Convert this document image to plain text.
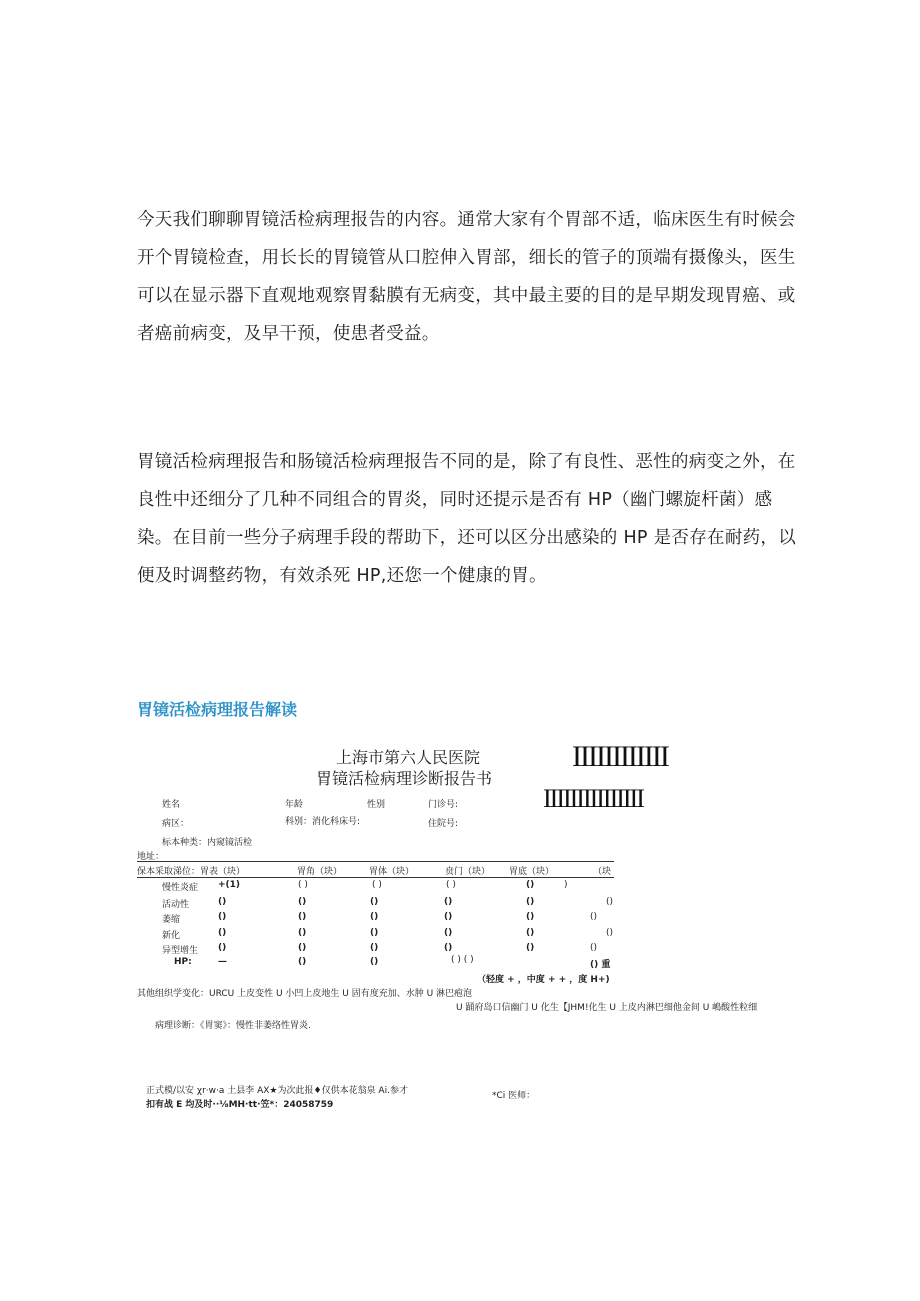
今天我们聊聊胃镜活检病理报告的内容。通常大家有个胃部不适，临床医生有时候会开个胃镜检查，用长长的胃镜管从口腔伸入胃部，细长的管子的顶端有摄像头，医生可以在显示器下直观地观察胃黏膜有无病变，其中最主要的目的是早期发现胃癌、或者癌前病变，及早干预，使患者受益。

胃镜活检病理报告和肠镜活检病理报告不同的是，除了有良性、恶性的病变之外，在良性中还细分了几种不同组合的胃炎，同时还提示是否有 HP（幽门螺旋杆菌）感染。在目前一些分子病理手段的帮助下，还可以区分出感染的 HP 是否存在耐药，以便及时调整药物，有效杀死 HP,还您一个健康的胃。

胃镜活检病理报告解读
上海市第六人民医院
胃镜活检病理诊断报告书
IIIIIIIIIIII
IIIIIIIIIIIIIII
姓名	年龄	性别	门诊号:
病区：	科别：消化科床号:	住院号:
标本种类：内窥镜活检
地址：
保本采取涕位：胃表（块）	胃角（块）	胃体（块）	贲门（块） 胃底（块）	（块
慢性炎症 +(1)	( )	( )	( )	()	)
活动性	()	()	()	()	()	()
萎缩	()	()	()	()	()	()
新化	()	()	()	()	()	()
异型增生 ()	()	()	()	()	()
HP:	—	()	()	( ) ( )	() 重
（轻度 + ，中度 + + ，度 H+)
其他组织学变化：URCU 上皮变性 U 小凹上皮地生 U 固有度充加、水肿 U 淋巴疱泡
U 踊府岛口信幽门 U 化生【JHM!化生 U 上皮内淋巴细他金间 U 嶋酸性粒细
病理诊断：《胃窦》：慢性非萎络性胃炎.
正式模/以安 χr·w·a 土县李 AX★为次此报♦仅供本花翁泉 Ai.参才
扣有战 E 均及时··⅛MH·tt·笠*：24058759
*Ci 医师：
